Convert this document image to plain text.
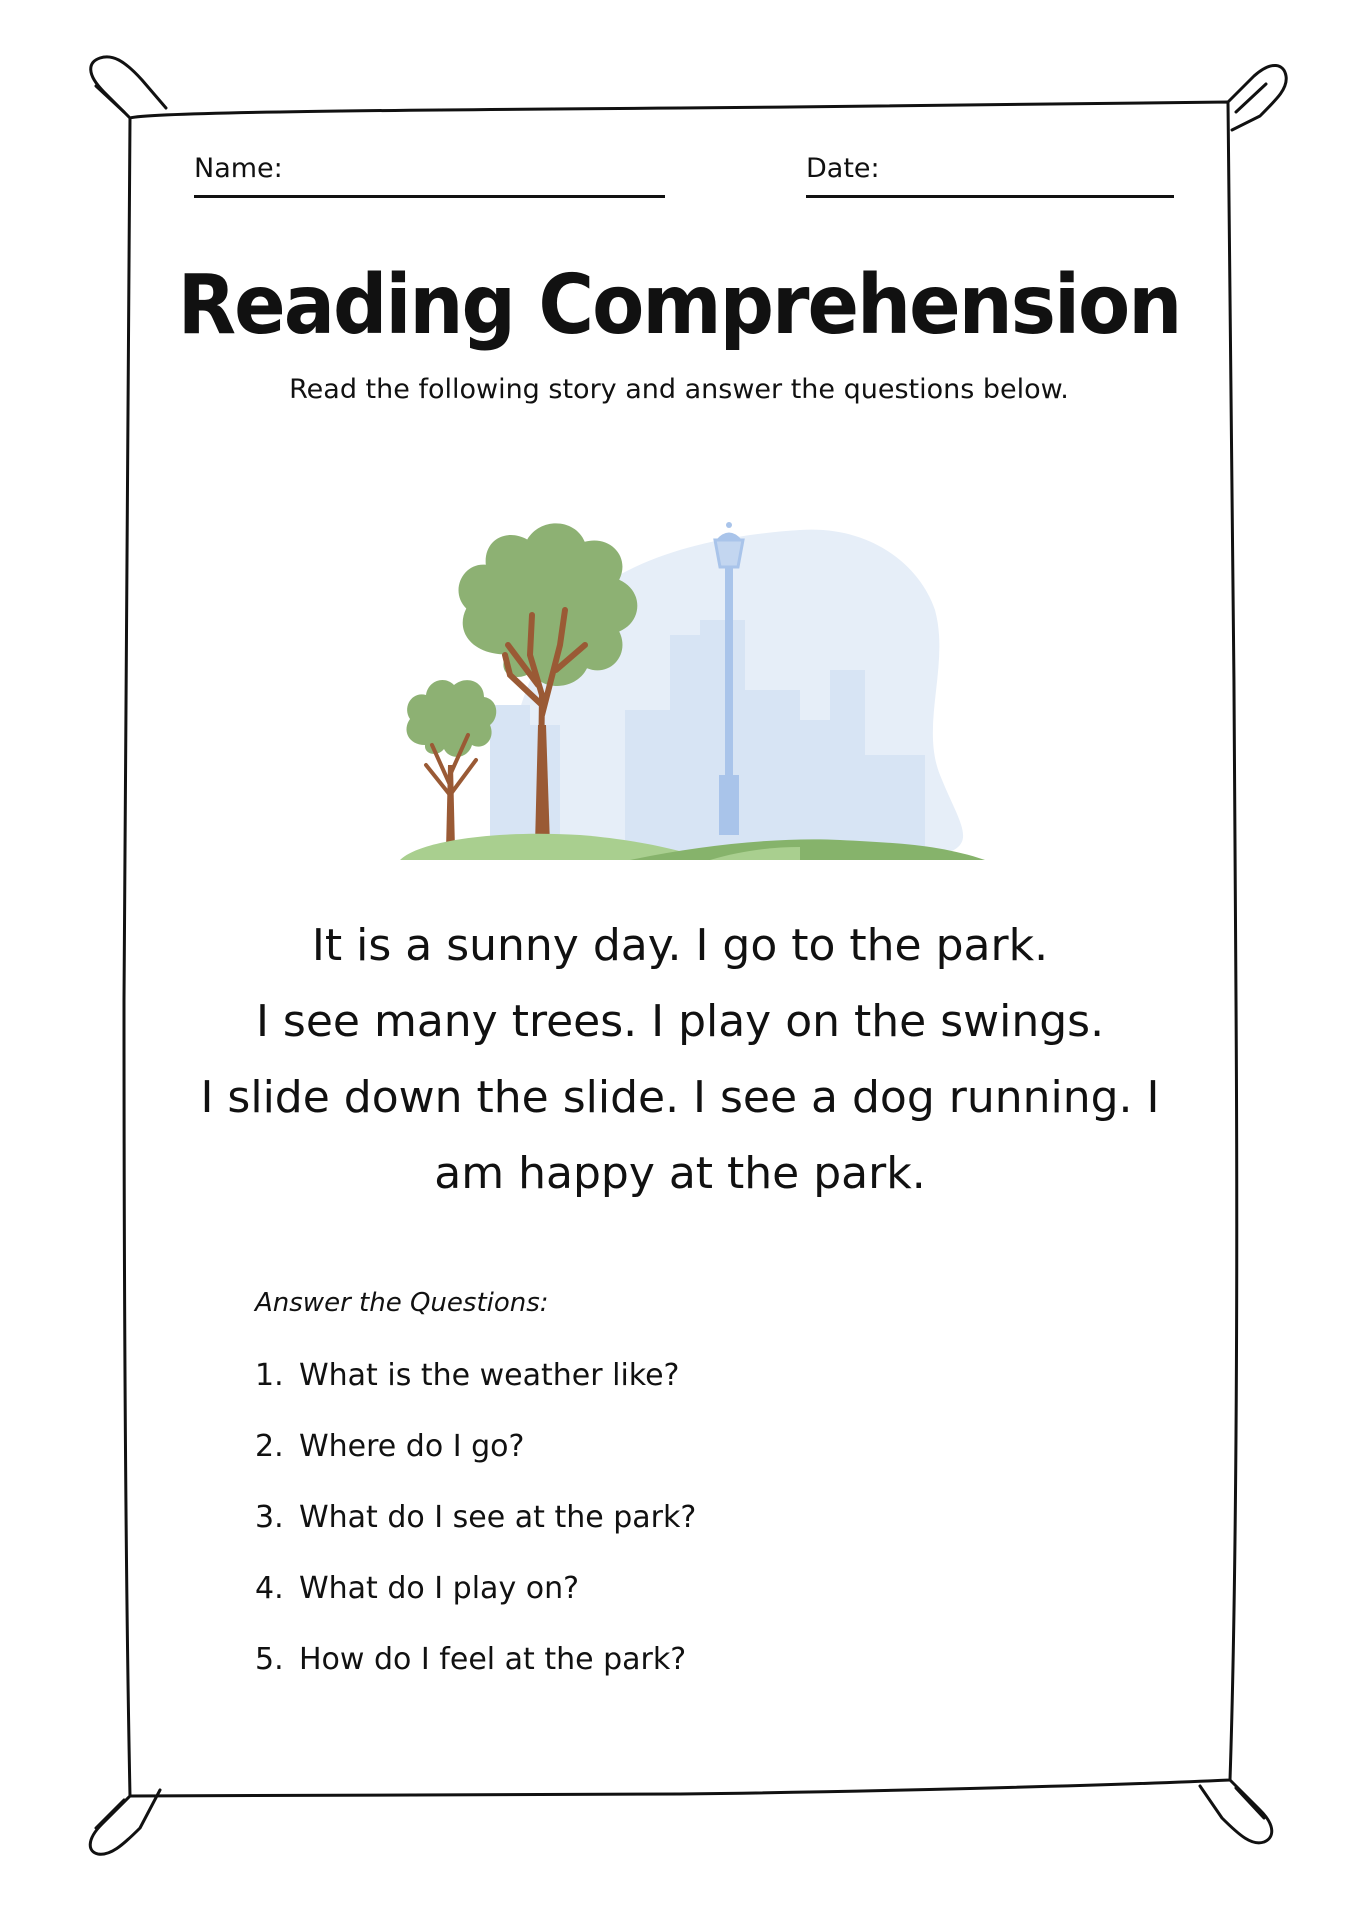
Name:	Date:
Reading Comprehension
Read the following story and answer the questions below.
It is a sunny day. I go to the park.
I see many trees. I play on the swings.
I slide down the slide. I see a dog running. I
am happy at the park.
Answer the Questions:
1. What is the weather like?
2. Where do I go?
3. What do I see at the park?
4. What do I play on?
5. How do I feel at the park?
